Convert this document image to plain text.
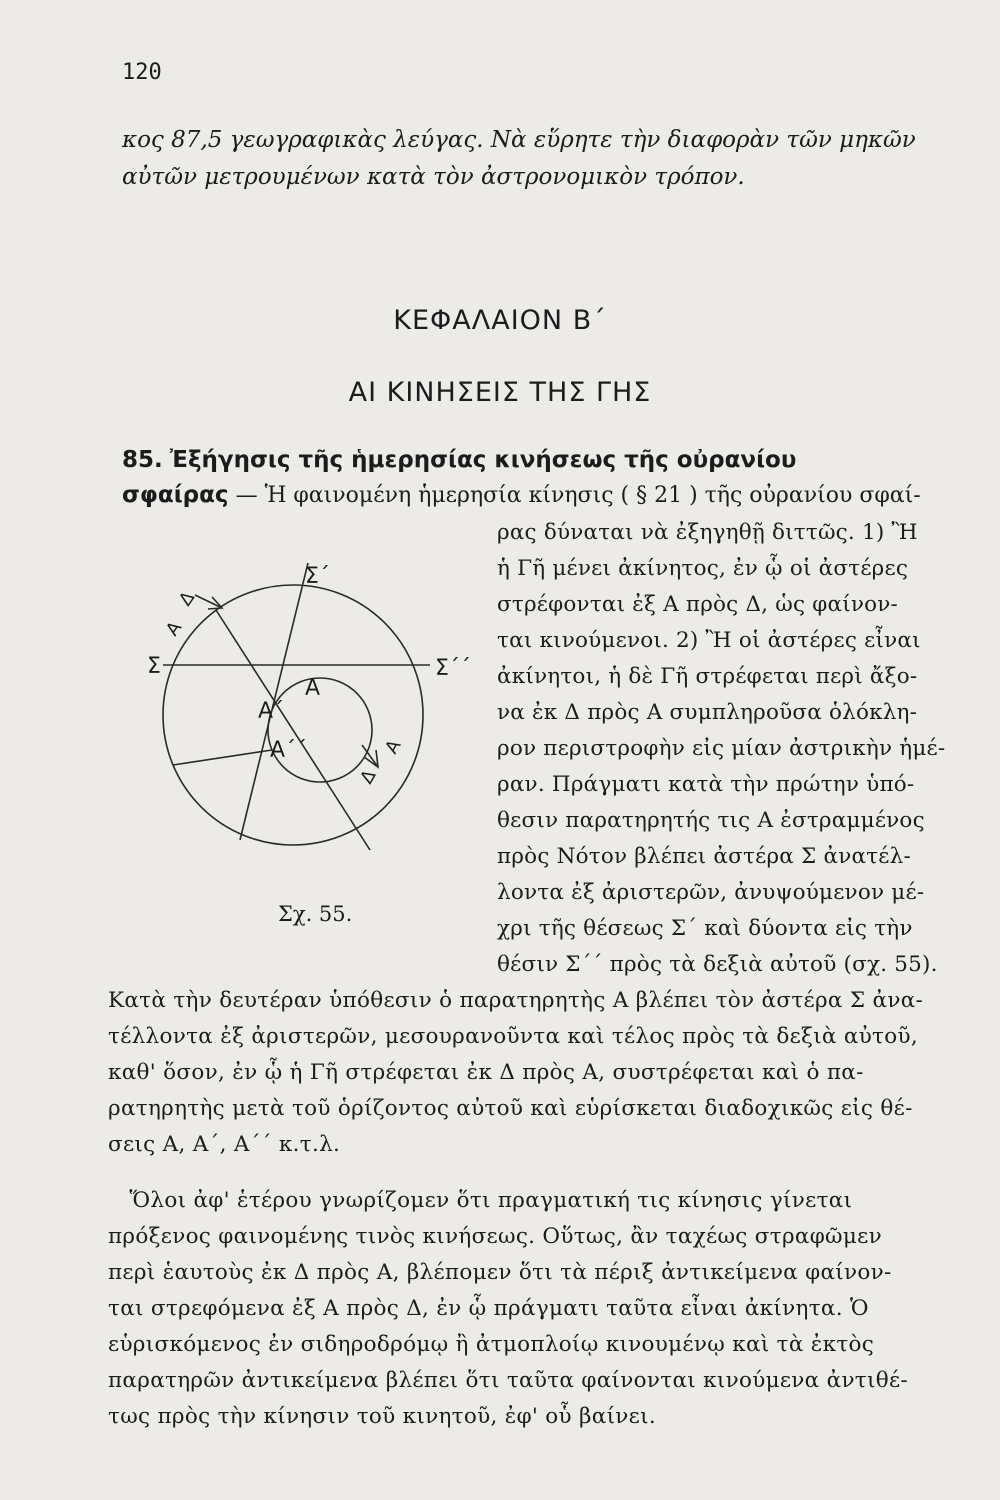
120
κος 87,5 γεωγραφικὰς λεύγας. Νὰ εὕρητε τὴν διαφορὰν τῶν μηκῶν
αὐτῶν μετρουμένων κατὰ τὸν ἀστρονομικὸν τρόπον.
ΚΕΦΑΛΑΙΟΝ Β΄
ΑΙ ΚΙΝΗΣΕΙΣ ΤΗΣ ΓΗΣ
85. Ἐξήγησις τῆς ἡμερησίας κινήσεως τῆς οὐρανίου
σφαίρας — Ἡ φαινομένη ἡμερησία κίνησις ( § 21 ) τῆς οὐρανίου σφαί-
Σ΄
Σ	Σ΄΄
Α
Α΄
Α΄΄
Α
Δ
Δ
Α
Σχ. 55.
ρας δύναται νὰ ἐξηγηθῇ διττῶς. 1) Ἢ
ἡ Γῆ μένει ἀκίνητος, ἐν ᾧ οἱ ἀστέρες
στρέφονται ἐξ Α πρὸς Δ, ὡς φαίνον-
ται κινούμενοι. 2) Ἢ οἱ ἀστέρες εἶναι
ἀκίνητοι, ἡ δὲ Γῆ στρέφεται περὶ ἄξο-
να ἐκ Δ πρὸς Α συμπληροῦσα ὁλόκλη-
ρον περιστροφὴν εἰς μίαν ἀστρικὴν ἡμέ-
ραν. Πράγματι κατὰ τὴν πρώτην ὑπό-
θεσιν παρατηρητής τις Α ἐστραμμένος
πρὸς Νότον βλέπει ἀστέρα Σ ἀνατέλ-
λοντα ἐξ ἀριστερῶν, ἀνυψούμενον μέ-
χρι τῆς θέσεως Σ΄ καὶ δύοντα εἰς τὴν
θέσιν Σ΄΄ πρὸς τὰ δεξιὰ αὐτοῦ (σχ. 55).
Κατὰ τὴν δευτέραν ὑπόθεσιν ὁ παρατηρητὴς Α βλέπει τὸν ἀστέρα Σ ἀνα-
τέλλοντα ἐξ ἀριστερῶν, μεσουρανοῦντα καὶ τέλος πρὸς τὰ δεξιὰ αὐτοῦ,
καθ' ὅσον, ἐν ᾧ ἡ Γῆ στρέφεται ἐκ Δ πρὸς Α, συστρέφεται καὶ ὁ πα-
ρατηρητὴς μετὰ τοῦ ὁρίζοντος αὐτοῦ καὶ εὑρίσκεται διαδοχικῶς εἰς θέ-
σεις Α, Α΄, Α΄΄ κ.τ.λ.
Ὅλοι ἀφ' ἑτέρου γνωρίζομεν ὅτι πραγματική τις κίνησις γίνεται
πρόξενος φαινομένης τινὸς κινήσεως. Οὕτως, ἂν ταχέως στραφῶμεν
περὶ ἑαυτοὺς ἐκ Δ πρὸς Α, βλέπομεν ὅτι τὰ πέριξ ἀντικείμενα φαίνον-
ται στρεφόμενα ἐξ Α πρὸς Δ, ἐν ᾧ πράγματι ταῦτα εἶναι ἀκίνητα. Ὁ
εὑρισκόμενος ἐν σιδηροδρόμῳ ἢ ἀτμοπλοίῳ κινουμένῳ καὶ τὰ ἐκτὸς
παρατηρῶν ἀντικείμενα βλέπει ὅτι ταῦτα φαίνονται κινούμενα ἀντιθέ-
τως πρὸς τὴν κίνησιν τοῦ κινητοῦ, ἐφ' οὗ βαίνει.
